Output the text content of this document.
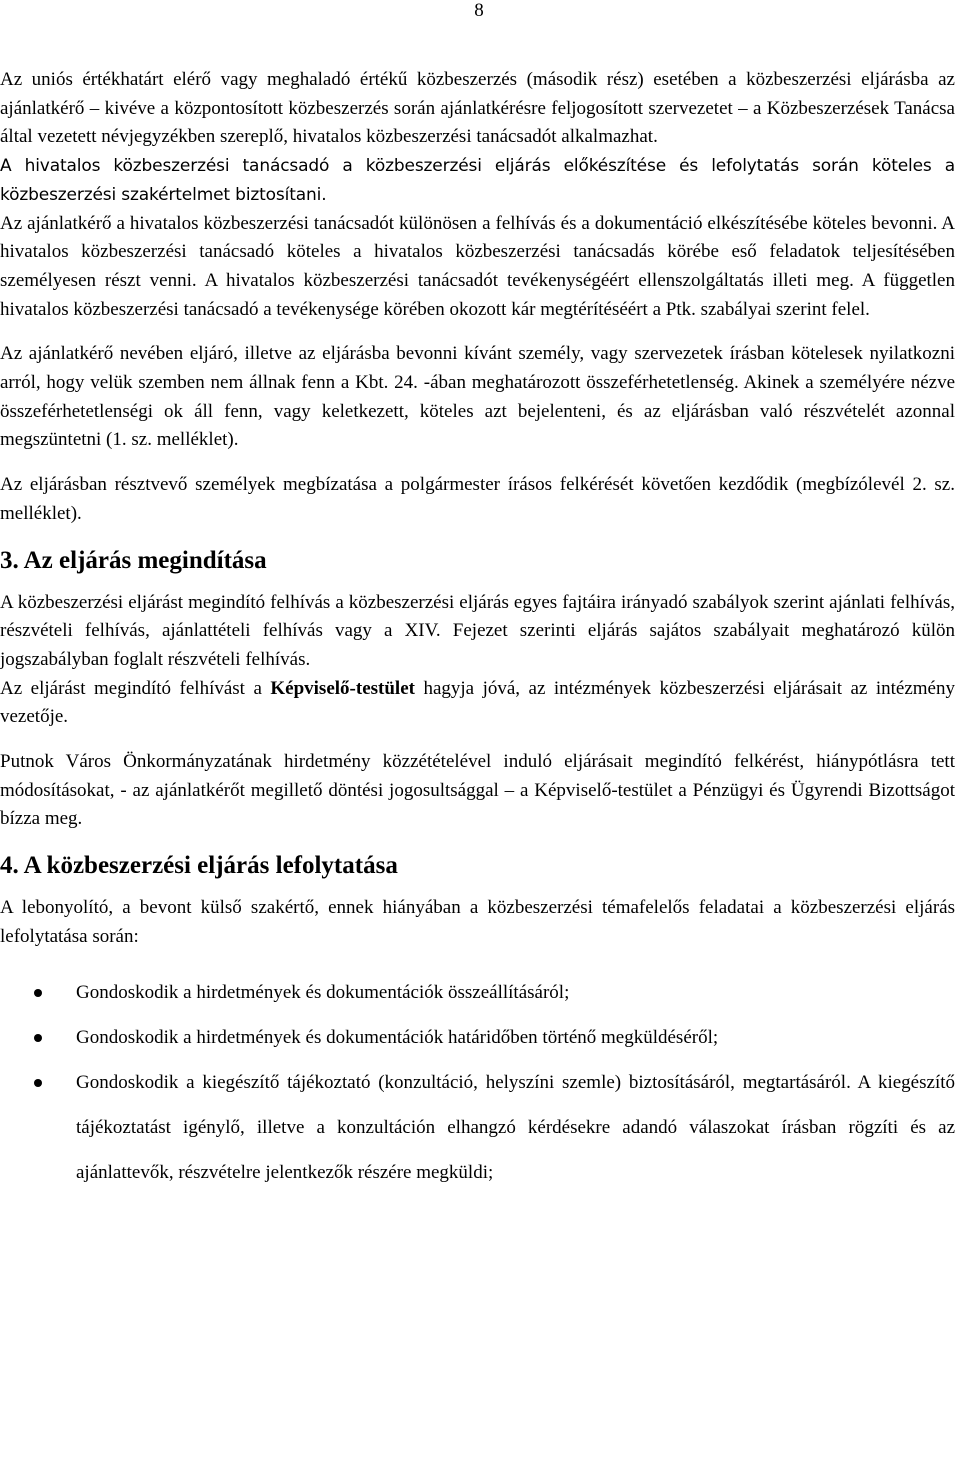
8

Az uniós értékhatárt elérő vagy meghaladó értékű közbeszerzés (második rész) esetében a közbeszerzési eljárásba az ajánlatkérő – kivéve a központosított közbeszerzés során ajánlatkérésre feljogosított szervezetet – a Közbeszerzések Tanácsa által vezetett névjegyzékben szereplő, hivatalos közbeszerzési tanácsadót alkalmazhat.

A hivatalos közbeszerzési tanácsadó a közbeszerzési eljárás előkészítése és lefolytatás során köteles a közbeszerzési szakértelmet biztosítani.

Az ajánlatkérő a hivatalos közbeszerzési tanácsadót különösen a felhívás és a dokumentáció elkészítésébe köteles bevonni. A hivatalos közbeszerzési tanácsadó köteles a hivatalos közbeszerzési tanácsadás körébe eső feladatok teljesítésében személyesen részt venni. A hivatalos közbeszerzési tanácsadót tevékenységéért ellenszolgáltatás illeti meg. A független hivatalos közbeszerzési tanácsadó a tevékenysége körében okozott kár megtérítéséért a Ptk. szabályai szerint felel.

Az ajánlatkérő nevében eljáró, illetve az eljárásba bevonni kívánt személy, vagy szervezetek írásban kötelesek nyilatkozni arról, hogy velük szemben nem állnak fenn a Kbt. 24. -ában meghatározott összeférhetetlenség. Akinek a személyére nézve összeférhetetlenségi ok áll fenn, vagy keletkezett, köteles azt bejelenteni, és az eljárásban való részvételét azonnal megszüntetni (1. sz. melléklet).

Az eljárásban résztvevő személyek megbízatása a polgármester írásos felkérését követően kezdődik (megbízólevél 2. sz. melléklet).

3. Az eljárás megindítása

A közbeszerzési eljárást megindító felhívás a közbeszerzési eljárás egyes fajtáira irányadó szabályok szerint ajánlati felhívás, részvételi felhívás, ajánlattételi felhívás vagy a XIV. Fejezet szerinti eljárás sajátos szabályait meghatározó külön jogszabályban foglalt részvételi felhívás.

Az eljárást megindító felhívást a Képviselő-testület hagyja jóvá, az intézmények közbeszerzési eljárásait az intézmény vezetője.

Putnok Város Önkormányzatának hirdetmény közzétételével induló eljárásait megindító felkérést, hiánypótlásra tett módosításokat, - az ajánlatkérőt megillető döntési jogosultsággal – a Képviselő-testület a Pénzügyi és Ügyrendi Bizottságot bízza meg.

4. A közbeszerzési eljárás lefolytatása

A lebonyolító, a bevont külső szakértő, ennek hiányában a közbeszerzési témafelelős feladatai a közbeszerzési eljárás lefolytatása során:

Gondoskodik a hirdetmények és dokumentációk összeállításáról;
Gondoskodik a hirdetmények és dokumentációk határidőben történő megküldéséről;
Gondoskodik a kiegészítő tájékoztató (konzultáció, helyszíni szemle) biztosításáról, megtartásáról. A kiegészítő tájékoztatást igénylő, illetve a konzultáción elhangzó kérdésekre adandó válaszokat írásban rögzíti és az ajánlattevők, részvételre jelentkezők részére megküldi;
